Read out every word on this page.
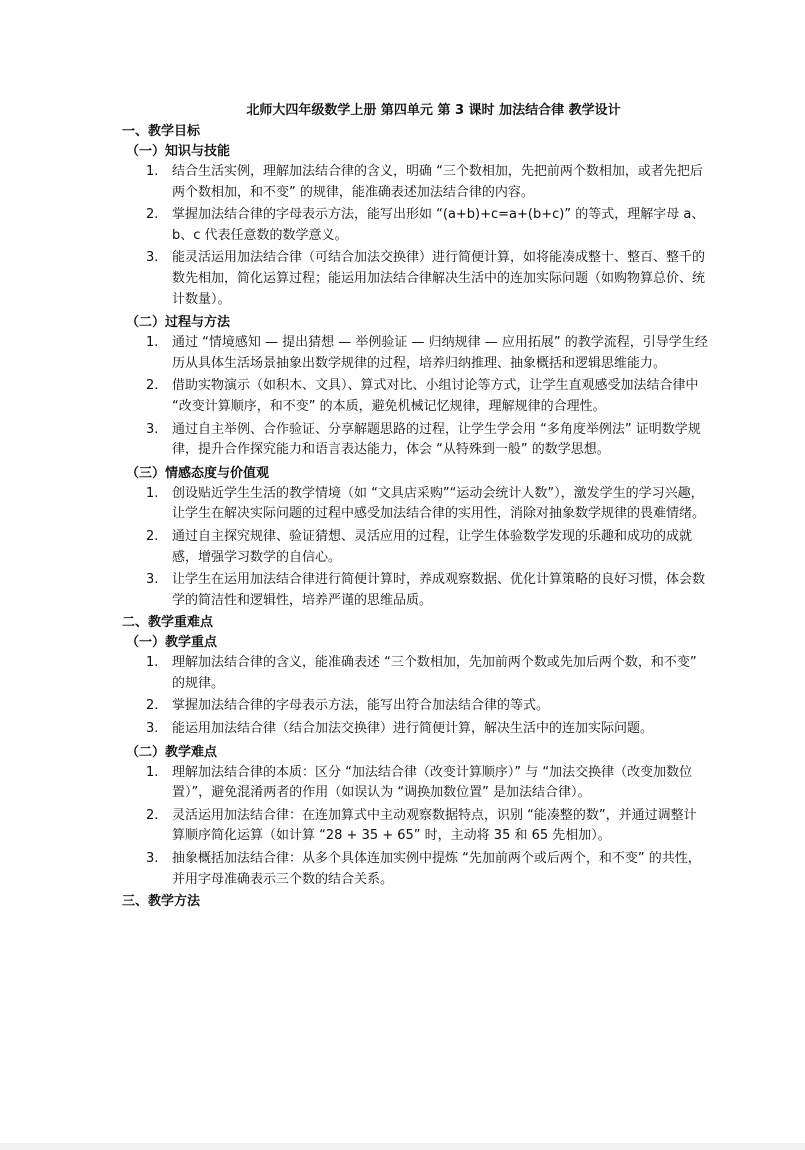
北师大四年级数学上册 第四单元 第 3 课时 加法结合律 教学设计
一、教学目标
（一）知识与技能
1. 结合生活实例，理解加法结合律的含义，明确 “三个数相加，先把前两个数相加，或者先把后两个数相加，和不变” 的规律，能准确表述加法结合律的内容。
2. 掌握加法结合律的字母表示方法，能写出形如 “(a+b)+c=a+(b+c)” 的等式，理解字母 a、b、c 代表任意数的数学意义。
3. 能灵活运用加法结合律（可结合加法交换律）进行简便计算，如将能凑成整十、整百、整千的数先相加，简化运算过程；能运用加法结合律解决生活中的连加实际问题（如购物算总价、统计数量）。
（二）过程与方法
1. 通过 “情境感知 — 提出猜想 — 举例验证 — 归纳规律 — 应用拓展” 的教学流程，引导学生经历从具体生活场景抽象出数学规律的过程，培养归纳推理、抽象概括和逻辑思维能力。
2. 借助实物演示（如积木、文具）、算式对比、小组讨论等方式，让学生直观感受加法结合律中 “改变计算顺序，和不变” 的本质，避免机械记忆规律，理解规律的合理性。
3. 通过自主举例、合作验证、分享解题思路的过程，让学生学会用 “多角度举例法” 证明数学规律，提升合作探究能力和语言表达能力，体会 “从特殊到一般” 的数学思想。
（三）情感态度与价值观
1. 创设贴近学生生活的教学情境（如 “文具店采购”“运动会统计人数”），激发学生的学习兴趣，让学生在解决实际问题的过程中感受加法结合律的实用性，消除对抽象数学规律的畏难情绪。
2. 通过自主探究规律、验证猜想、灵活应用的过程，让学生体验数学发现的乐趣和成功的成就感，增强学习数学的自信心。
3. 让学生在运用加法结合律进行简便计算时，养成观察数据、优化计算策略的良好习惯，体会数学的简洁性和逻辑性，培养严谨的思维品质。
二、教学重难点
（一）教学重点
1. 理解加法结合律的含义，能准确表述 “三个数相加，先加前两个数或先加后两个数，和不变” 的规律。
2. 掌握加法结合律的字母表示方法，能写出符合加法结合律的等式。
3. 能运用加法结合律（结合加法交换律）进行简便计算，解决生活中的连加实际问题。
（二）教学难点
1. 理解加法结合律的本质：区分 “加法结合律（改变计算顺序）” 与 “加法交换律（改变加数位置）”，避免混淆两者的作用（如误认为 “调换加数位置” 是加法结合律）。
2. 灵活运用加法结合律：在连加算式中主动观察数据特点，识别 “能凑整的数”，并通过调整计算顺序简化运算（如计算 “28 + 35 + 65” 时，主动将 35 和 65 先相加）。
3. 抽象概括加法结合律：从多个具体连加实例中提炼 “先加前两个或后两个，和不变” 的共性，并用字母准确表示三个数的结合关系。
三、教学方法
